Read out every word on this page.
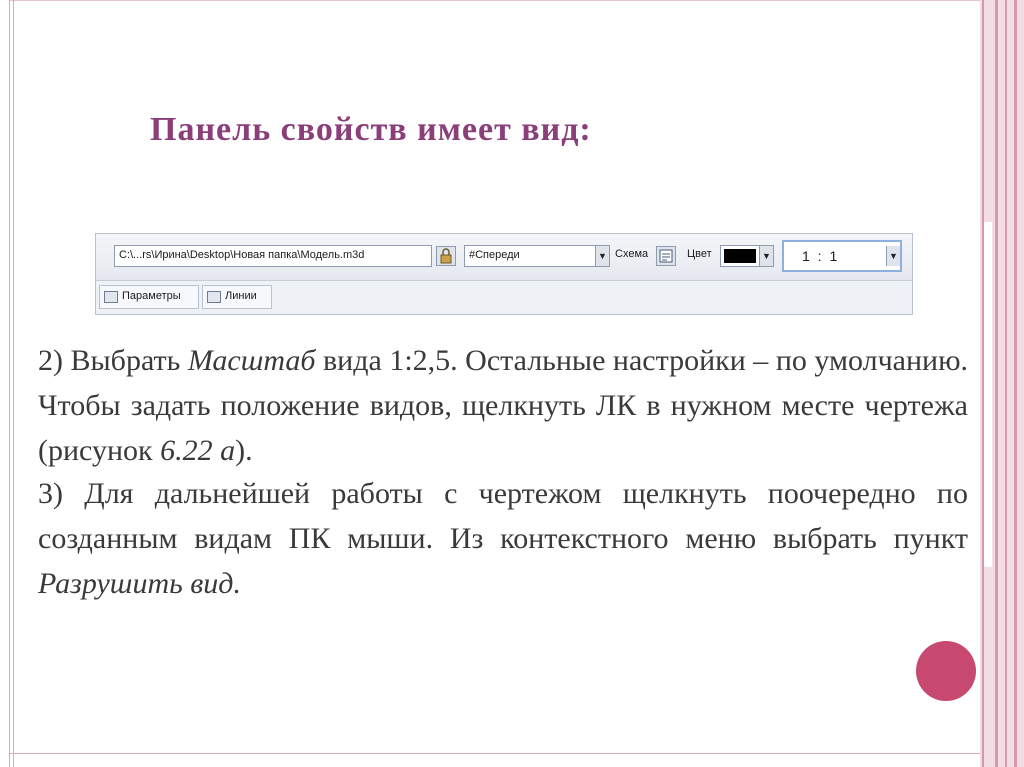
Панель свойств имеет вид:
C:\...rs\Ирина\Desktop\Новая папка\Модель.m3d	#Спереди	▼ Схема	Цвет	▼ 1 : 1	▼
Параметры	Линии
2) Выбрать Масштаб вида 1:2,5. Остальные настройки – по умолчанию. Чтобы задать положение видов, щелкнуть ЛК в нужном месте чертежа (рисунок 6.22 а).
3) Для дальнейшей работы с чертежом щелкнуть поочередно по созданным видам ПК мыши. Из контекстного меню выбрать пункт Разрушить вид.
